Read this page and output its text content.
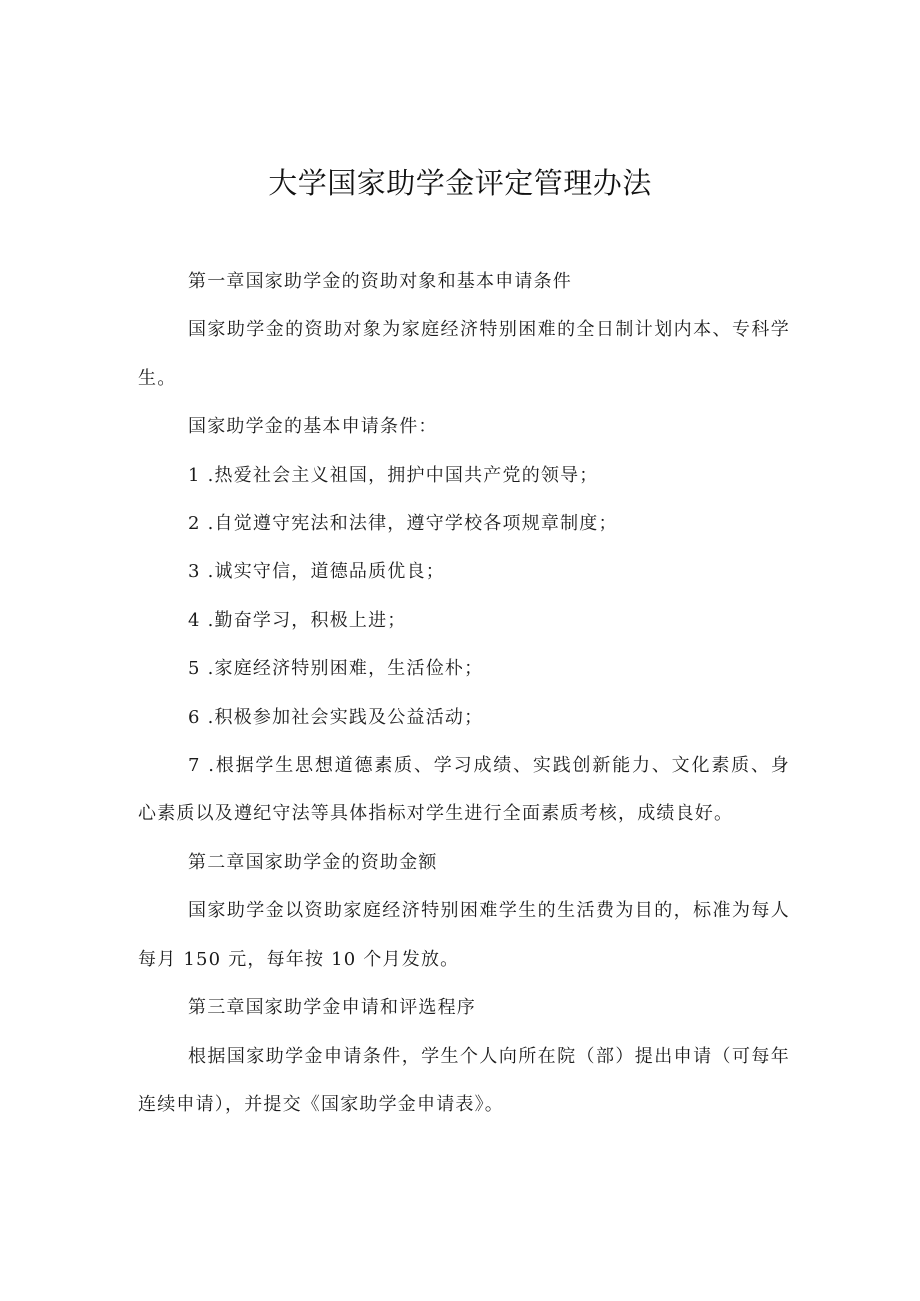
大学国家助学金评定管理办法

第一章国家助学金的资助对象和基本申请条件

国家助学金的资助对象为家庭经济特别困难的全日制计划内本、专科学生。

国家助学金的基本申请条件：

1 .热爱社会主义祖国，拥护中国共产党的领导；

2 .自觉遵守宪法和法律，遵守学校各项规章制度；

3 .诚实守信，道德品质优良；

4 .勤奋学习，积极上进；

5 .家庭经济特别困难，生活俭朴；

6 .积极参加社会实践及公益活动；

7 .根据学生思想道德素质、学习成绩、实践创新能力、文化素质、身心素质以及遵纪守法等具体指标对学生进行全面素质考核，成绩良好。

第二章国家助学金的资助金额

国家助学金以资助家庭经济特别困难学生的生活费为目的，标准为每人每月 150 元，每年按 10 个月发放。

第三章国家助学金申请和评选程序

根据国家助学金申请条件，学生个人向所在院（部）提出申请（可每年连续申请），并提交《国家助学金申请表》。
